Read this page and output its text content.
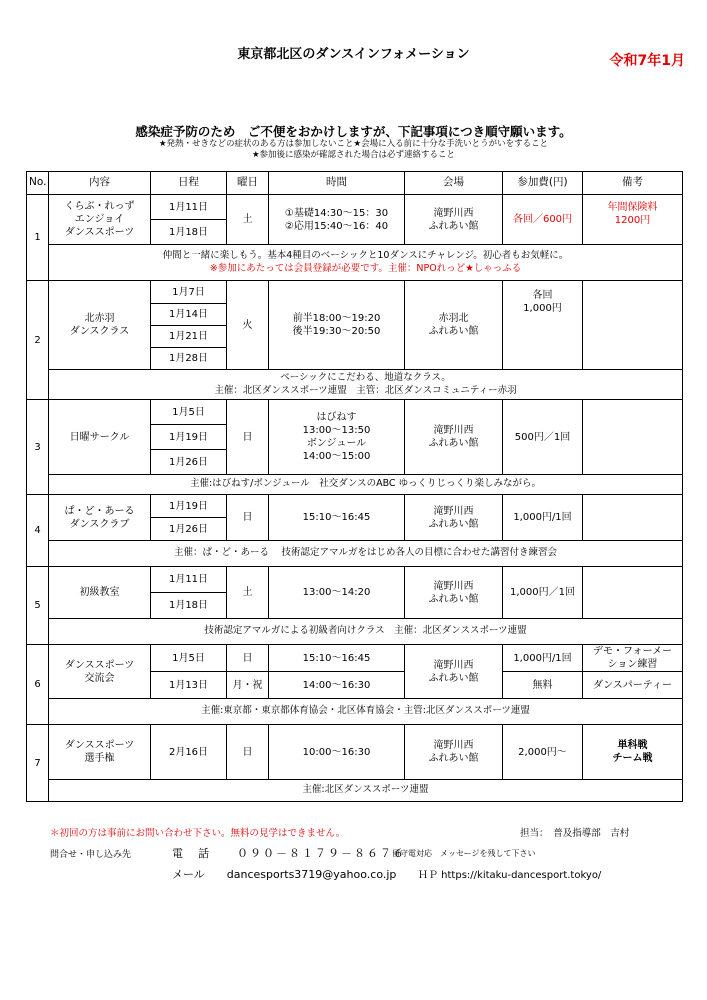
東京都北区のダンスインフォメーション	令和7年1月
感染症予防のため　ご不便をおかけしますが、下記事項につき順守願います。
★発熱・せきなどの症状のある方は参加しないこと★会場に入る前に十分な手洗いとうがいをすること
★参加後に感染が確認された場合は必ず連絡すること
No.	内容	日程	曜日	時間	会場	参加費(円)	備考
1	くらぶ・れっず
エンジョイ
ダンススポーツ	1月11日	土	①基礎14:30～15：30
②応用15:40～16：40	滝野川西
ふれあい館	各回／600円	年間保険料
1200円

		1月18日					

	仲間と一緒に楽しもう。基本4種目のベーシックと10ダンスにチャレンジ。初心者もお気軽に。
※参加にあたっては会員登録が必要です。主催：NPOれっど★しゃっふる						

2	北赤羽
ダンスクラス	1月7日	火	前半18:00～19:20
後半19:30～20:50	赤羽北
ふれあい館	各回
1,000円	

		1月14日					
		1月21日					
		1月28日					

	ベーシックにこだわる、地道なクラス。
主催：北区ダンススポーツ連盟　主管：北区ダンスコミュニティー赤羽						

3	日曜サークル	1月5日	日	はびねす
13:00～13:50
ボンジュール
14:00～15:00	滝野川西
ふれあい館	500円／1回	
		1月19日					
		1月26日					
	主催:はびねす/ボンジュール　社交ダンスのABC ゆっくりじっくり楽しみながら。						
4	ぱ・ど・あーる
ダンスクラブ	1月19日	日	15:10～16:45	滝野川西
ふれあい館	1,000円/1回	
		1月26日					
	主催：ぱ・ど・あーる　 技術認定アマルガをはじめ各人の目標に合わせた講習付き練習会						
5	初級教室	1月11日	土	13:00～14:20	滝野川西
ふれあい館	1,000円／1回	
		1月18日					
	技術認定アマルガによる初級者向けクラス　主催：北区ダンススポーツ連盟						
6	ダンススポーツ
交流会	1月5日	日	15:10～16:45	滝野川西
ふれあい館	1,000円/1回	デモ・フォーメー
ション練習

		1月13日	月・祝	14:00～16:30		無料	ダンスパーティー
	主催:東京都・東京都体育協会・北区体育協会・主管:北区ダンススポーツ連盟						
7	ダンススポーツ
選手権	2月16日	日	10:00～16:30	滝野川西
ふれあい館	2,000円～	単科戦
チーム戦

	主催:北区ダンススポーツ連盟						
＊初回の方は事前にお問い合わせ下さい。無料の見学はできません。	担当：　普及指導部　吉村
問合せ・申し込み先	電　話　　０９０－８１７９－８６７６
留守電対応　メッセージを残して下さい
メール　　dancesports3719@yahoo.co.jp ＨＰ https://kitaku-dancesport.tokyo/
